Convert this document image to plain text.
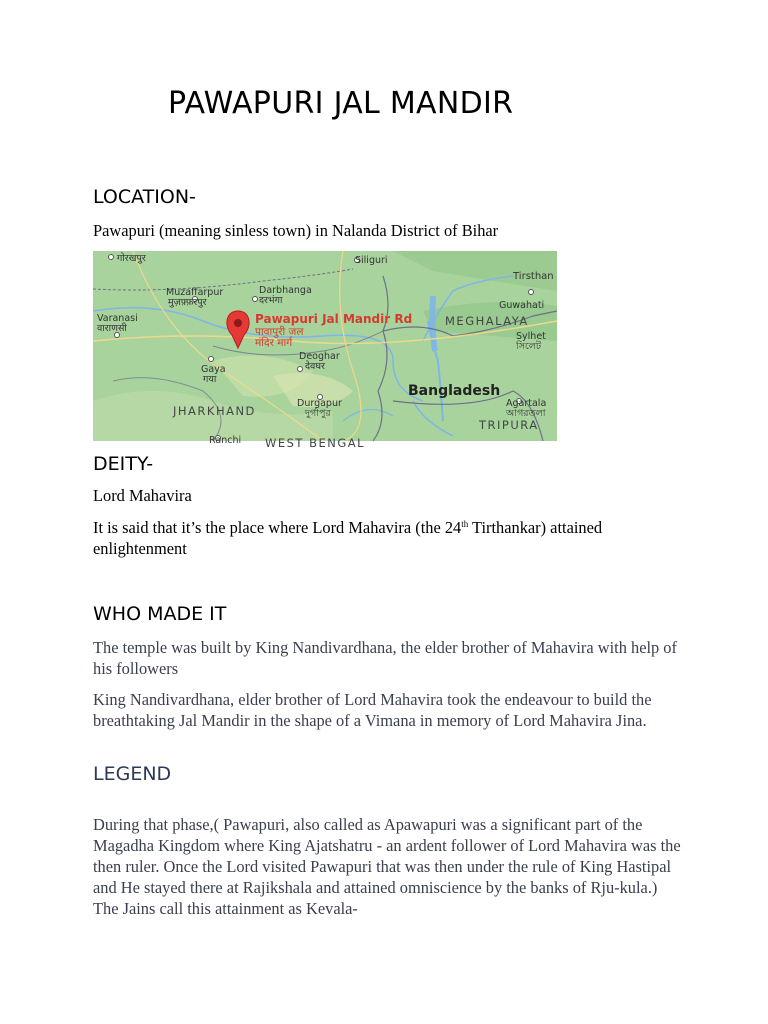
PAWAPURI JAL MANDIR
LOCATION-
Pawapuri (meaning sinless town) in Nalanda District of Bihar
गोरखपुर	Siliguri
Tirsthan
Muzaffarpur
मुज़फ़्फ़रपुर
Darbhanga
दरभंगा
Varanasi
वाराणसी
Guwahati
MEGHALAYA
Sylhet
সিলেট
Gaya
गया
Deoghar
देवघर
Bangladesh
JHARKHAND
Durgapur
দুর্গাপুর
Agartala
আগরতলা
TRIPURA
Ranchi WEST BENGAL
Pawapuri Jal Mandir Rd
पावापुरी जल
मंदिर मार्ग
DEITY-
Lord Mahavira
It is said that it’s the place where Lord Mahavira (the 24th Tirthankar) attained
enlightenment
WHO MADE IT
The temple was built by King Nandivardhana, the elder brother of Mahavira with help of his followers
King Nandivardhana, elder brother of Lord Mahavira took the endeavour to build the breathtaking Jal Mandir in the shape of a Vimana in memory of Lord Mahavira Jina.
LEGEND
During that phase,( Pawapuri, also called as Apawapuri was a significant part of the Magadha Kingdom where King Ajatshatru - an ardent follower of Lord Mahavira was the then ruler. Once the Lord visited Pawapuri that was then under the rule of King Hastipal and He stayed there at Rajikshala and attained omniscience by the banks of Rju-kula.) The Jains call this attainment as Kevala-
